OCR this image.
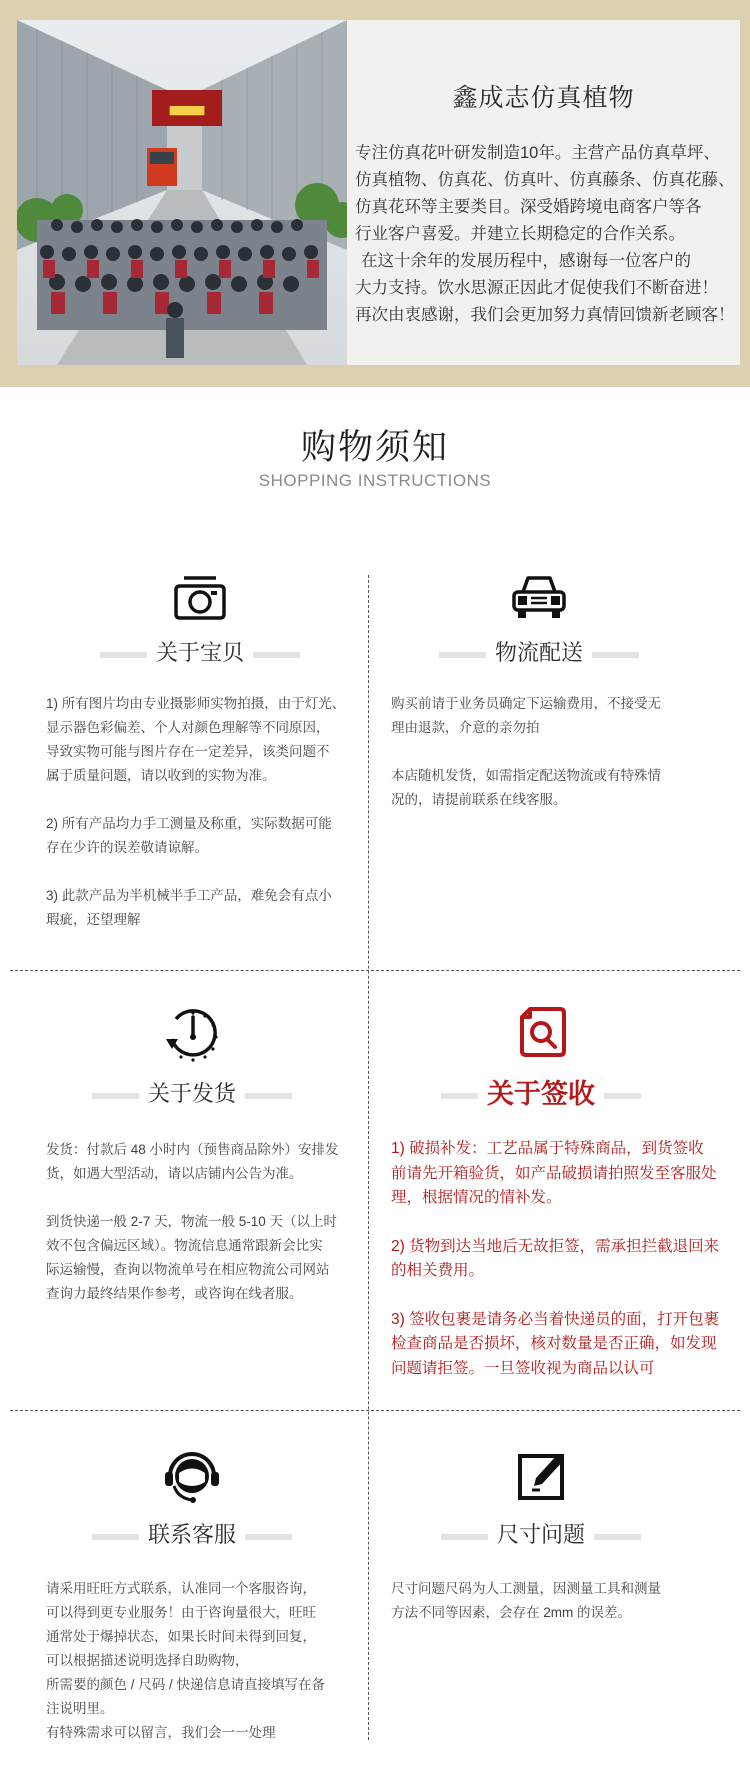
▇▇▇▇▇	鑫成志仿真植物

专注仿真花叶研发制造10年。主营产品仿真草坪、

仿真植物、仿真花、仿真叶、仿真藤条、仿真花藤、

仿真花环等主要类目。深受婚跨境电商客户等各

行业客户喜爱。并建立长期稳定的合作关系。

在这十余年的发展历程中，感谢每一位客户的

大力支持。饮水思源正因此才促使我们不断奋进！

再次由衷感谢，我们会更加努力真情回馈新老顾客！

购物须知
SHOPPING INSTRUCTIONS
关于宝贝

1) 所有图片均由专业摄影师实物拍摄，由于灯光、

显示器色彩偏差、个人对颜色理解等不同原因，

导致实物可能与图片存在一定差异，该类问题不

属于质量问题，请以收到的实物为准。

2) 所有产品均力手工测量及称重，实际数据可能

存在少许的误差敬请谅解。

3) 此款产品为半机械半手工产品，难免会有点小

瑕疵，还望理解

物流配送

购买前请于业务员确定下运输费用，不接受无

理由退款，介意的亲勿拍

本店随机发货，如需指定配送物流或有特殊情

况的，请提前联系在线客服。

关于发货

发货：付款后 48 小时内（预售商品除外）安排发

货，如遇大型活动，请以店铺内公告为准。

到货快递一般 2-7 天，物流一般 5-10 天（以上时

效不包含偏远区域）。物流信息通常跟新会比实

际运输慢，查询以物流单号在相应物流公司网站

查询力最终结果作参考，或咨询在线者服。

关于签收

1) 破损补发：工艺品属于特殊商品，到货签收

前请先开箱验货，如产品破损请拍照发至客服处

理，根据情况的情补发。

2) 货物到达当地后无故拒签，需承担拦截退回来

的相关费用。

3) 签收包裹是请务必当着快递员的面，打开包裹

检查商品是否损坏，核对数量是否正确，如发现

问题请拒签。一旦签收视为商品以认可

联系客服

请采用旺旺方式联系，认准同一个客服咨询，

可以得到更专业服务！由于咨询量很大，旺旺

通常处于爆掉状态，如果长时间未得到回复，

可以根据描述说明选择自助购物，

所需要的颜色 / 尺码 / 快递信息请直接填写在备

注说明里。

有特殊需求可以留言，我们会一一处理

尺寸问题

尺寸问题尺码为人工测量，因测量工具和测量

方法不同等因素，会存在 2mm 的误差。
